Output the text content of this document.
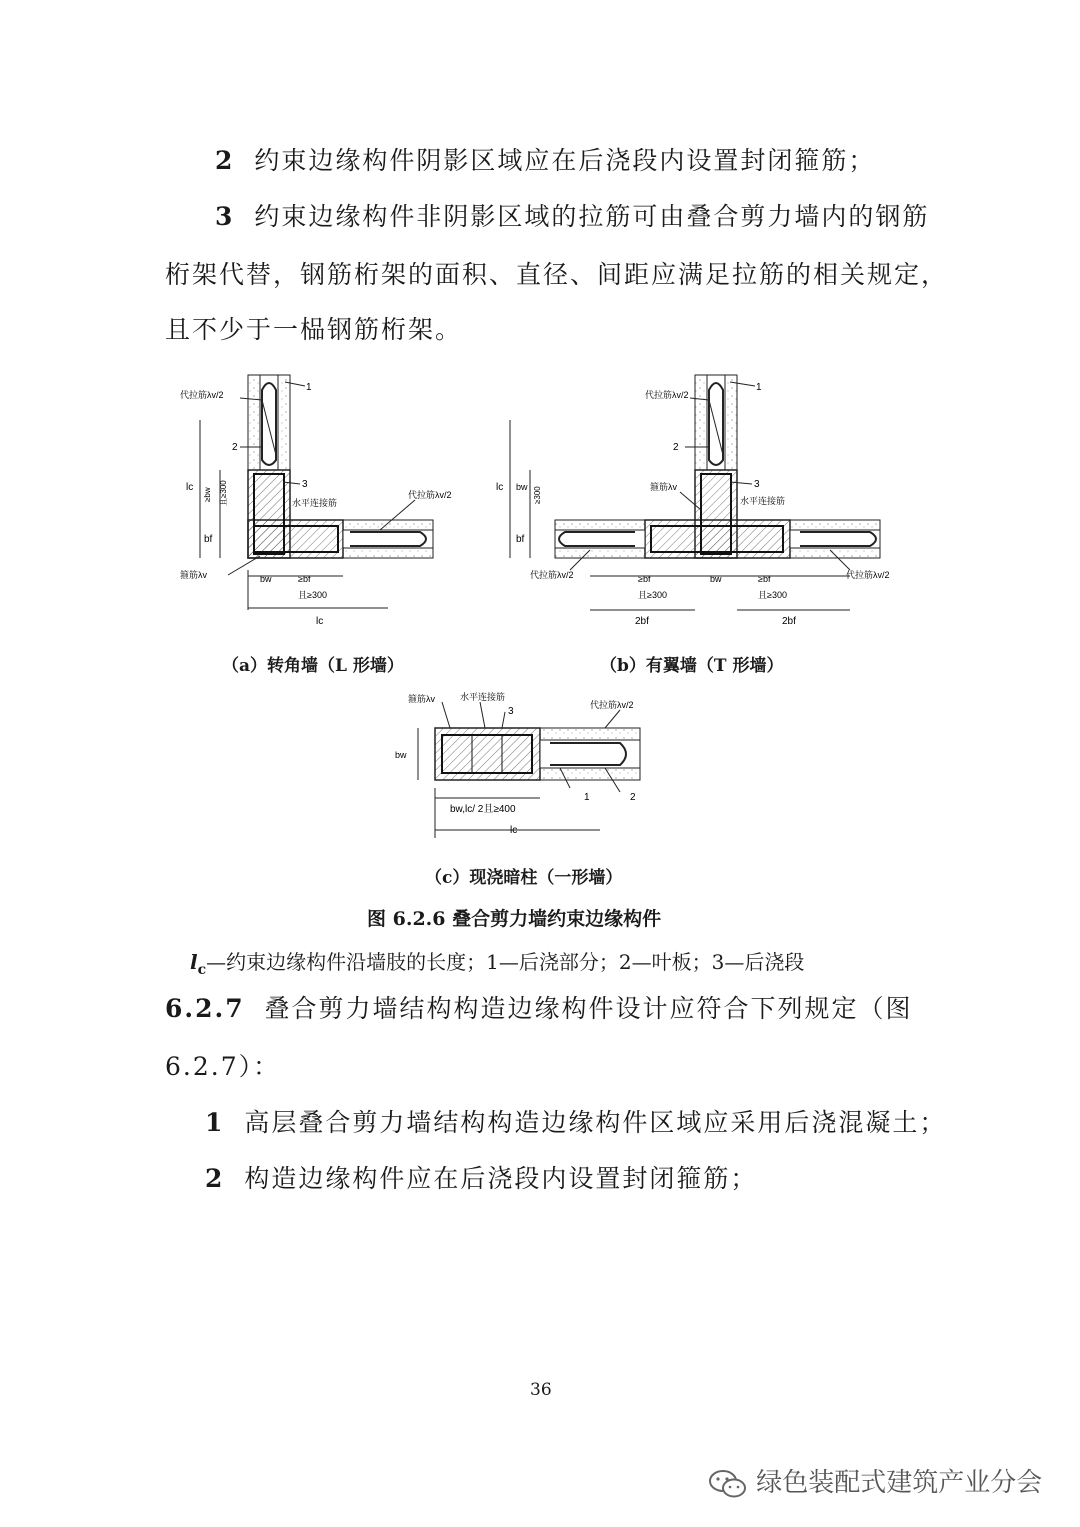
2 约束边缘构件阴影区域应在后浇段内设置封闭箍筋；
3 约束边缘构件非阴影区域的拉筋可由叠合剪力墙内的钢筋
桁架代替，钢筋桁架的面积、直径、间距应满足拉筋的相关规定，
且不少于一榀钢筋桁架。
1
代拉筋λv/2
2
3
水平连接筋
代拉筋λv/2
箍筋λv
lc ≥bw 且≥300
bf
bw	≥bf
且≥300
lc
（a）转角墙（L 形墙）
1
代拉筋λv/2
2
3
箍筋λv
水平连接筋
代拉筋λv/2	代拉筋λv/2
lc bw ≥300
bf
≥bf	bw	≥bf
且≥300	且≥300
2bf	2bf
（b）有翼墙（T 形墙）
箍筋λv	水平连接筋
3
代拉筋λv/2
bw
1	2
bw,lc/ 2且≥400
lc
（c）现浇暗柱（一形墙）
图 6.2.6 叠合剪力墙约束边缘构件
$l_c—$约束边缘构件沿墙肢的长度；1—后浇部分；2—叶板；3—后浇段
6.2.7 叠合剪力墙结构构造边缘构件设计应符合下列规定（图
6.2.7）：
1 高层叠合剪力墙结构构造边缘构件区域应采用后浇混凝土；
2 构造边缘构件应在后浇段内设置封闭箍筋；
36
绿色装配式建筑产业分会
